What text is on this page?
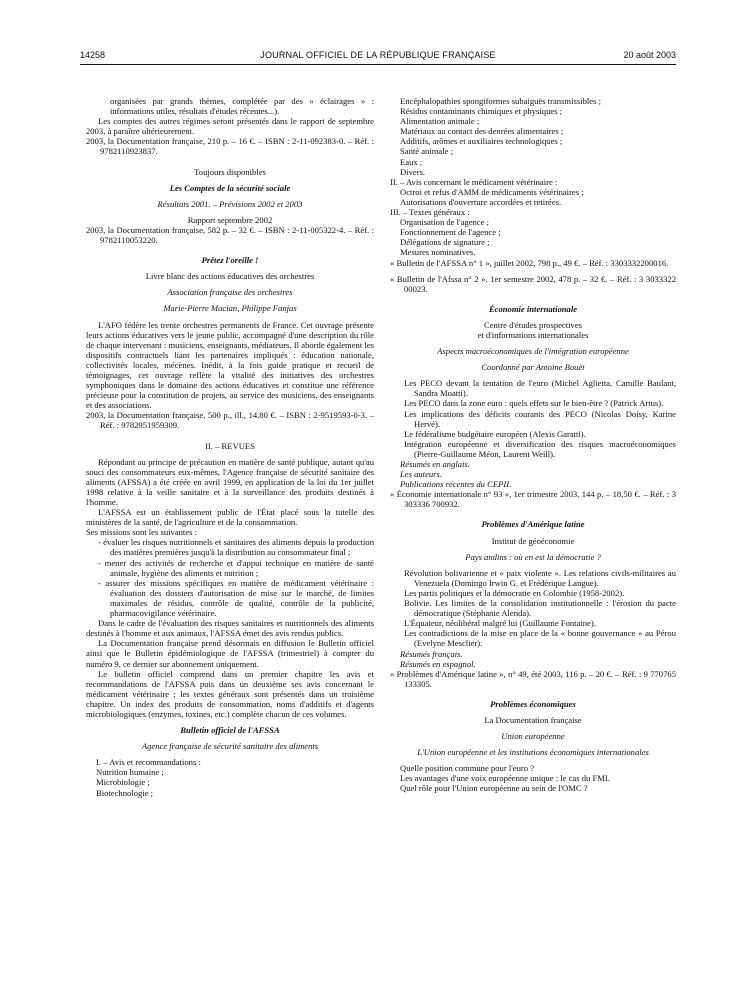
14258	JOURNAL OFFICIEL DE LA RÉPUBLIQUE FRANÇAISE	20 août 2003

organisées par grands thèmes, complétée par des « éclairages » : informations utiles, résultats d'études récentes...).

Les comptes des autres régimes seront présentés dans le rapport de septembre 2003, à paraître ultérieurement.

2003, la Documentation française, 210 p. – 16 €. – ISBN : 2-11-092383-0. – Réf. : 9782110923837.

Toujours disponibles

Les Comptes de la sécurité sociale

Résultats 2001. – Prévisions 2002 et 2003

Rapport septembre 2002

2003, la Documentation française, 582 p. – 32 €. – ISBN : 2-11-005322-4. – Réf. : 9782110053220.

Prêtez l'oreille !

Livre blanc des actions éducatives des orchestres

Association française des orchestres

Marie-Pierre Macian, Philippe Fanjas

L'AFO fédère les trente orchestres permanents de France. Cet ouvrage présente leurs actions éducatives vers le jeune public, accompagné d'une description du rôle de chaque intervenant : musiciens, enseignants, médiateurs. Il aborde également les dispositifs contractuels liant les partenaires impliqués : éducation nationale, collectivités locales, mécènes. Inédit, à la fois guide pratique et recueil de témoignages, cet ouvrage reflète la vitalité des initiatives des orchestres symphoniques dans le domaine des actions éducatives et constitue une référence précieuse pour la constitution de projets, au service des musiciens, des enseignants et des associations.

2003, la Documentation française, 500 p., ill., 14,80 €. – ISBN : 2-9519593-0-3. – Réf. : 9782951959309.

II. – REVUES

Répondant au principe de précaution en matière de santé publique, autant qu'au souci des consommateurs eux-mêmes, l'Agence française de sécurité sanitaire des aliments (AFSSA) a été créée en avril 1999, en application de la loi du 1er juillet 1998 relative à la veille sanitaire et à la surveillance des produits destinés à l'homme.

L'AFSSA est un établissement public de l'État placé sous la tutelle des ministères de la santé, de l'agriculture et de la consommation.

Ses missions sont les suivantes :

- évaluer les risques nutritionnels et sanitaires des aliments depuis la production des matières premières jusqu'à la distribution au consommateur final ;

- mener des activités de recherche et d'appui technique en matière de santé animale, hygiène des aliments et nutrition ;

- assurer des missions spécifiques en matière de médicament vétérinaire : évaluation des dossiers d'autorisation de mise sur le marché, de limites maximales de résidus, contrôle de qualité, contrôle de la publicité, pharmacovigilance vétérinaire.

Dans le cadre de l'évaluation des risques sanitaires et nutritionnels des aliments destinés à l'homme et aux animaux, l'AFSSA émet des avis rendus publics.

La Documentation française prend désormais en diffusion le Bulletin officiel ainsi que le Bulletin épidémiologique de l'AFSSA (trimestriel) à compter du numéro 9, ce dernier sur abonnement uniquement.

Le bulletin officiel comprend dans un premier chapitre les avis et recommandations de l'AFSSA puis dans un deuxième ses avis concernant le médicament vétérinaire ; les textes généraux sont présentés dans un troisième chapitre. Un index des produits de consommation, noms d'additifs et d'agents microbiologiques (enzymes, toxines, etc.) complète chacun de ces volumes.

Bulletin officiel de l'AFSSA

Agence française de sécurité sanitaire des aliments

I. – Avis et recommandations :

Nutrition humaine ;

Microbiologie ;

Biotechnologie ;

Encéphalopathies spongiformes subaiguës transmissibles ;

Résidus contaminants chimiques et physiques ;

Alimentation animale ;

Matériaux au contact des denrées alimentaires ;

Additifs, arômes et auxiliaires technologiques ;

Santé animale ;

Eaux ;

Divers.

II. – Avis concernant le médicament vétérinaire :

Octroi et refus d'AMM de médicaments vétérinaires ;

Autorisations d'ouverture accordées et retirées.

III. – Textes généraux :

Organisation de l'agence ;

Fonctionnement de l'agence ;

Délégations de signature ;

Mesures nominatives.

« Bulletin de l'AFSSA n° 1 », juillet 2002, 798 p., 49 €. – Réf. : 3303332200016.

« Bulletin de l'Afssa n° 2 ». 1er semestre 2002, 478 p. – 32 €. – Réf. : 3 3033322 00023.

Économie internationale

Centre d'études prospectives

et d'informations internationales

Aspects macroéconomiques de l'intégration européenne

Coordonné par Antoine Bouët

Les PECO devant la tentation de l'euro (Michel Aglietta, Camille Baulant, Sandra Moatti).

Les PECO dans la zone euro : quels effets sur le bien-être ? (Patrick Artus).

Les implications des déficits courants des PECO (Nicolas Doisy, Karine Hervé).

Le fédéralisme budgétaire européen (Alexis Garatti).

Intégration européenne et diversification des risques macroéconomiques (Pierre-Guillaume Méon, Laurent Weill).

Résumés en anglais.

Les auteurs.

Publications récentes du CEPII.

« Économie internationale n° 93 », 1er trimestre 2003, 144 p. – 18,50 €. – Réf. : 3 303336 700932.

Problèmes d'Amérique latine

Institut de géoéconomie

Pays andins : où en est la démocratie ?

Révolution bolivarienne et « paix violente ». Les relations civils-militaires au Venezuela (Domingo Irwin G. et Frédérique Langue).

Les partis politiques et la démocratie en Colombie (1958-2002).

Bolivie. Les limites de la consolidation institutionnelle : l'érosion du pacte démocratique (Stéphanie Alenda).

L'Équateur, néolibéral malgré lui (Guillaume Fontaine).

Les contradictions de la mise en place de la « bonne gouvernance » au Pérou (Evelyne Mesclier).

Résumés français.

Résumés en espagnol.

« Problèmes d'Amérique latine », n° 49, été 2003, 116 p. – 20 €. – Réf. : 9 770765 133305.

Problèmes économiques

La Documentation française

Union européenne

L'Union européenne et les institutions économiques internationales

Quelle position commune pour l'euro ?

Les avantages d'une voix européenne unique : le cas du FMI.

Quel rôle pour l'Union européenne au sein de l'OMC ?
